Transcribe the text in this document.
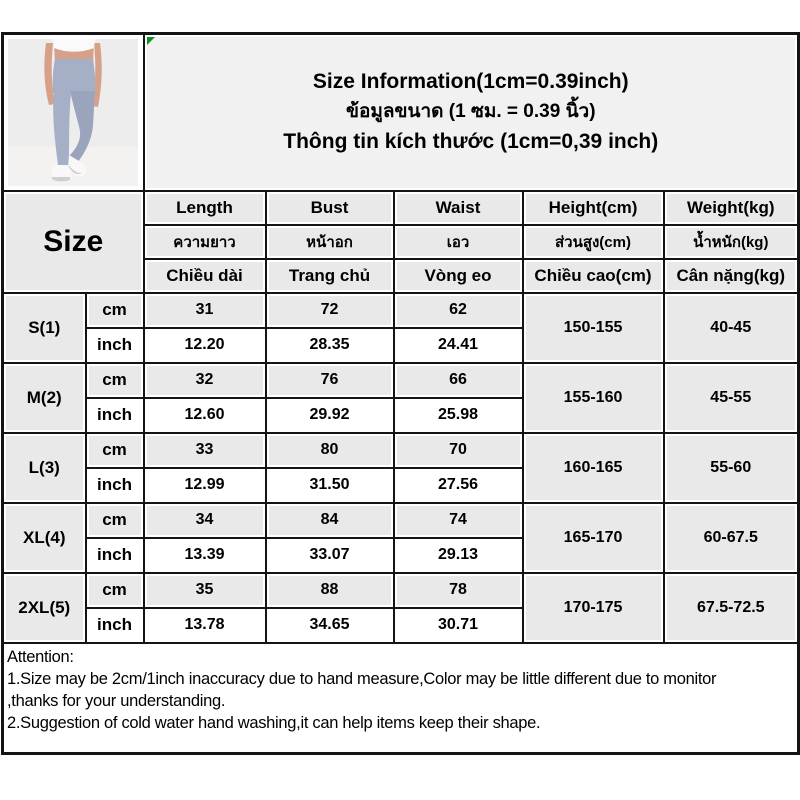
Size Information(1cm=0.39inch)
ข้อมูลขนาด (1 ซม. = 0.39 นิ้ว)
Thông tin kích thước (1cm=0,39 inch)				

Size		Length	Bust	Waist	Height(cm)	Weight(kg)
		ความยาว	หน้าอก	เอว	ส่วนสูง(cm)	น้ำหนัก(kg)
		Chiều dài	Trang chủ	Vòng eo	Chiều cao(cm)	Cân nặng(kg)
S(1)	cm	31	72	62	150-155	40-45
	inch	12.20	28.35	24.41		
M(2)	cm	32	76	66	155-160	45-55
	inch	12.60	29.92	25.98		
L(3)	cm	33	80	70	160-165	55-60
	inch	12.99	31.50	27.56		
XL(4)	cm	34	84	74	165-170	60-67.5
	inch	13.39	33.07	29.13		
2XL(5)	cm	35	88	78	170-175	67.5-72.5
	inch	13.78	34.65	30.71		

Attention:
1.Size may be 2cm/1inch inaccuracy due to hand measure,Color may be little different due to monitor
,thanks for your understanding.
2.Suggestion of cold water hand washing,it can help items keep their shape.						
